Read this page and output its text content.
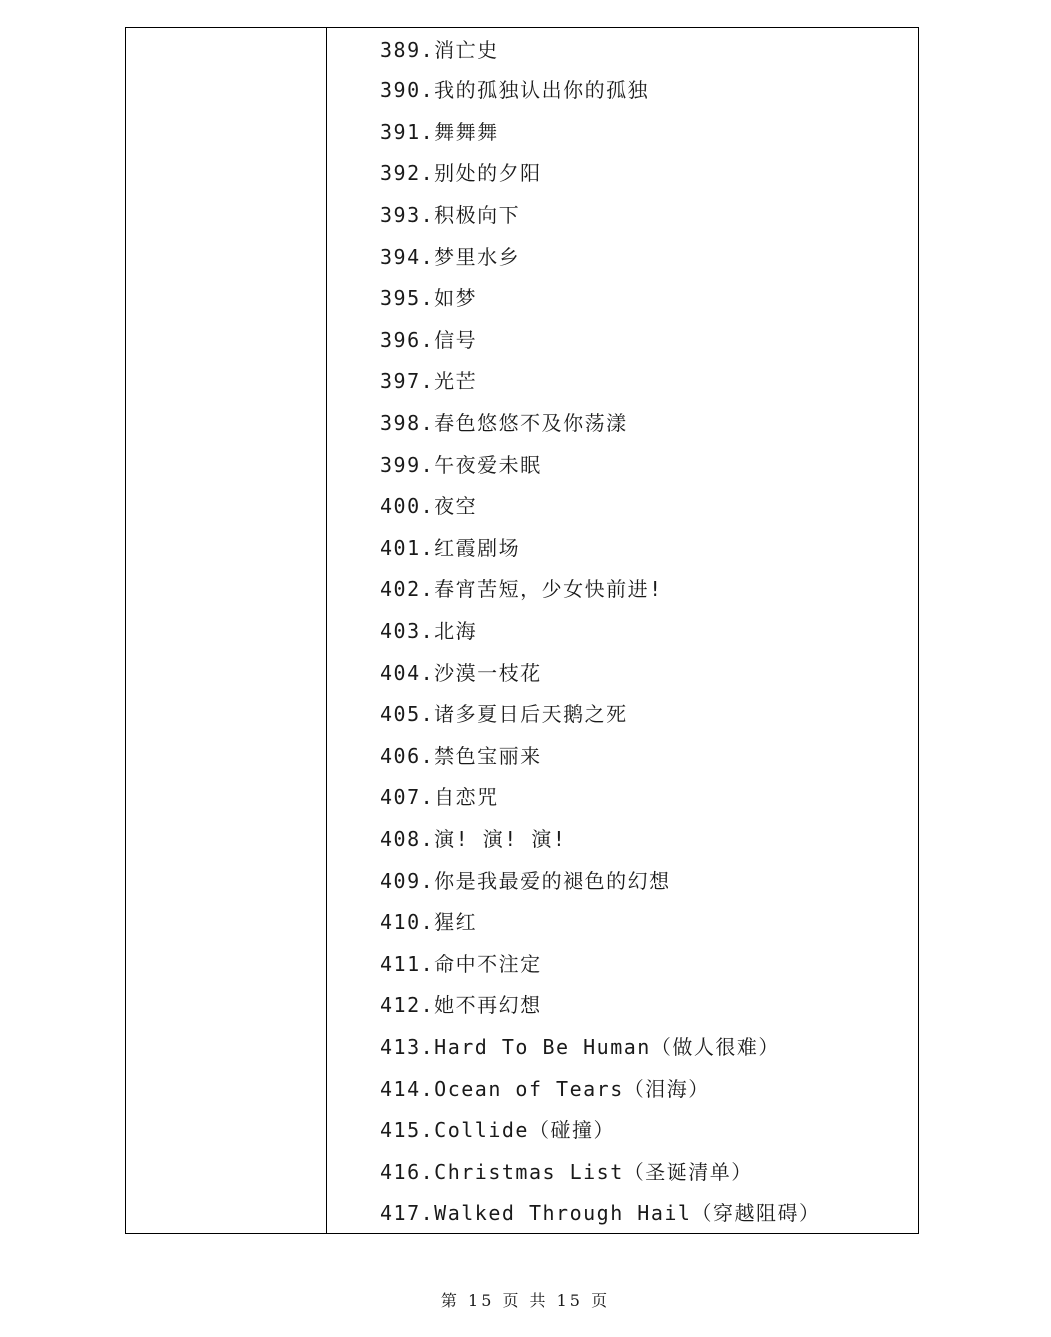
389.消亡史
390.我的孤独认出你的孤独
391.舞舞舞
392.别处的夕阳
393.积极向下
394.梦里水乡
395.如梦
396.信号
397.光芒
398.春色悠悠不及你荡漾
399.午夜爱未眠
400.夜空
401.红霞剧场
402.春宵苦短，少女快前进!
403.北海
404.沙漠一枝花
405.诸多夏日后天鹅之死
406.禁色宝丽来
407.自恋咒
408.演! 演! 演!
409.你是我最爱的褪色的幻想
410.猩红
411.命中不注定
412.她不再幻想
413.Hard To Be Human（做人很难）
414.Ocean of Tears（泪海）
415.Collide（碰撞）
416.Christmas List（圣诞清单）
417.Walked Through Hail（穿越阻碍）
第 15 页 共 15 页
